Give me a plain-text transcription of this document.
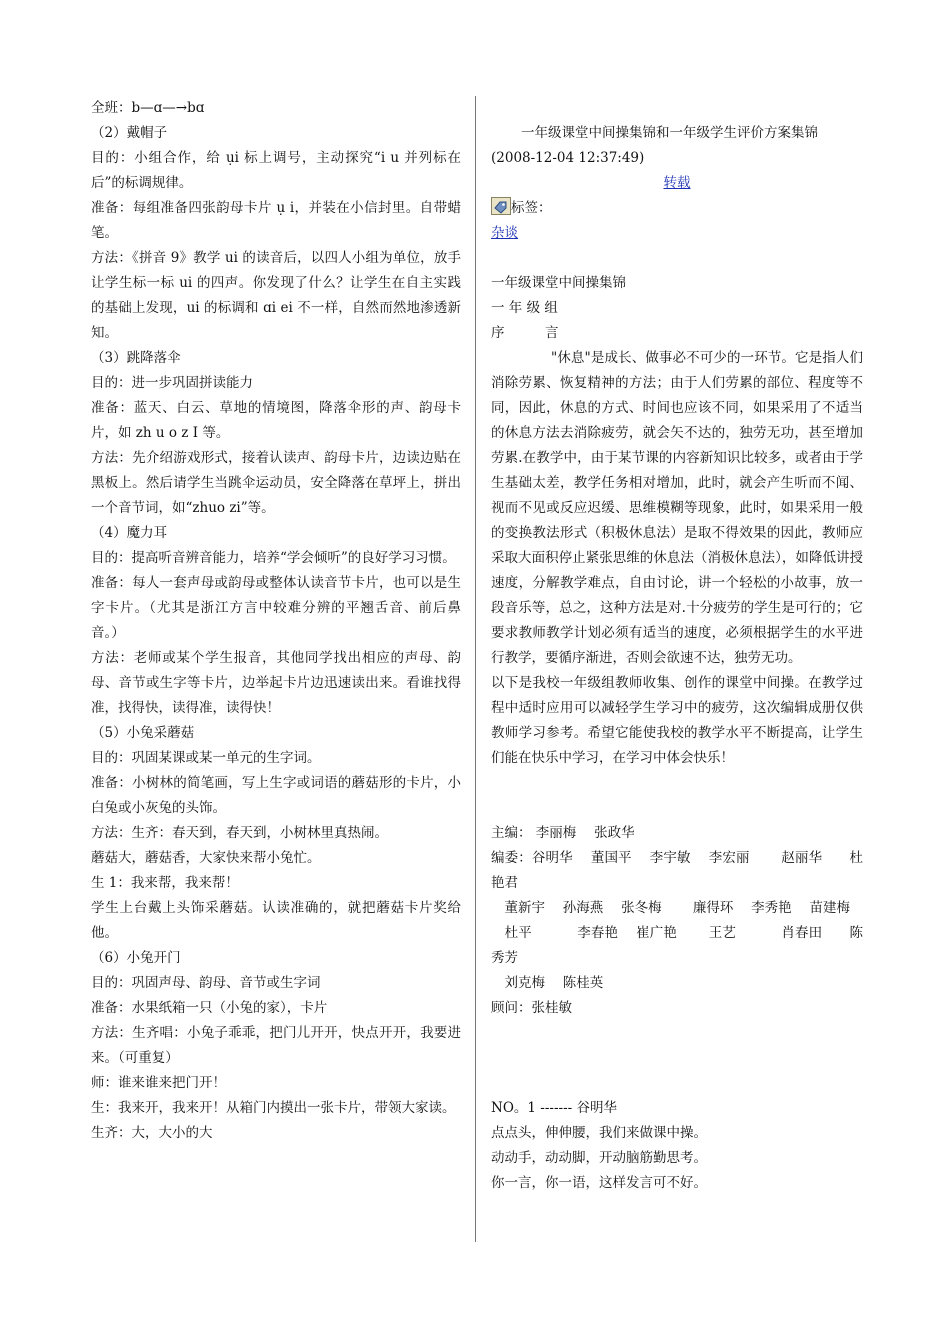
全班：b—ɑ—→bɑ

（2）戴帽子

目的：小组合作，给 ụi 标上调号，主动探究“i u 并列标在后”的标调规律。

准备：每组准备四张韵母卡片 ụ i，并装在小信封里。自带蜡笔。

方法：《拼音 9》教学 ui 的读音后，以四人小组为单位，放手让学生标一标 ui 的四声。你发现了什么？让学生在自主实践的基础上发现，ui 的标调和 ɑi ei 不一样，自然而然地渗透新知。

（3）跳降落伞

目的：进一步巩固拼读能力

准备：蓝天、白云、草地的情境图，降落伞形的声、韵母卡片，如 zh u o z I 等。

方法：先介绍游戏形式，接着认读声、韵母卡片，边读边贴在黑板上。然后请学生当跳伞运动员，安全降落在草坪上，拼出一个音节词，如“zhuo zi”等。

（4）魔力耳

目的：提高听音辨音能力，培养“学会倾听”的良好学习习惯。

准备：每人一套声母或韵母或整体认读音节卡片，也可以是生字卡片。（尤其是浙江方言中较难分辨的平翘舌音、前后鼻音。）

方法：老师或某个学生报音，其他同学找出相应的声母、韵母、音节或生字等卡片，边举起卡片边迅速读出来。看谁找得准，找得快，读得准，读得快！

（5）小兔采蘑菇

目的：巩固某课或某一单元的生字词。

准备：小树林的简笔画，写上生字或词语的蘑菇形的卡片，小白兔或小灰兔的头饰。

方法：生齐：春天到，春天到，小树林里真热闹。

蘑菇大，蘑菇香，大家快来帮小兔忙。

生 1：我来帮，我来帮！

学生上台戴上头饰采蘑菇。认读准确的，就把蘑菇卡片奖给他。

（6）小兔开门

目的：巩固声母、韵母、音节或生字词

准备：水果纸箱一只（小兔的家），卡片

方法：生齐唱：小兔子乖乖，把门儿开开，快点开开，我要进来。（可重复）

师：谁来谁来把门开！

生：我来开，我来开！从箱门内摸出一张卡片，带领大家读。

生齐：大，大小的大

一年级课堂中间操集锦和一年级学生评价方案集锦

(2008-12-04 12:37:49)

转载

标签：

杂谈

一年级课堂中间操集锦

一 年 级 组

序　　　言

"休息"是成长、做事必不可少的一环节。它是指人们消除劳累、恢复精神的方法；由于人们劳累的部位、程度等不同，因此，休息的方式、时间也应该不同，如果采用了不适当的休息方法去消除疲劳，就会矢不达的，独劳无功，甚至增加劳累.在教学中，由于某节课的内容新知识比较多，或者由于学生基础太差，教学任务相对增加，此时，就会产生听而不闻、视而不见或反应迟缓、思维模糊等现象，此时，如果采用一般的变换教法形式（积极休息法）是取不得效果的因此，教师应采取大面积停止紧张思维的休息法（消极休息法），如降低讲授速度，分解教学难点，自由讨论，讲一个轻松的小故事，放一段音乐等，总之，这种方法是对.十分疲劳的学生是可行的；它要求教师教学计划必须有适当的速度，必须根据学生的水平进行教学，要循序渐进，否则会欲速不达，独劳无功。

以下是我校一年级组教师收集、创作的课堂中间操。在教学过程中适时应用可以减轻学生学习中的疲劳，这次编辑成册仅供教师学习参考。希望它能使我校的教学水平不断提高，让学生们能在快乐中学习，在学习中体会快乐！

主编： 李丽梅　 张政华

编委：谷明华　 董国平　 李宇敏　 李宏丽　　 赵丽华　　杜艳君

　董新宇　 孙海燕　 张冬梅　　 廉得环　 李秀艳　 苗建梅

　杜平　　　 李春艳　 崔广艳　　 王艺　　　 肖春田　　陈秀芳

　刘克梅　 陈桂英

顾问：张桂敏

NO。1 ------- 谷明华

点点头，伸伸腰，我们来做课中操。

动动手，动动脚，开动脑筋勤思考。

你一言，你一语，这样发言可不好。
